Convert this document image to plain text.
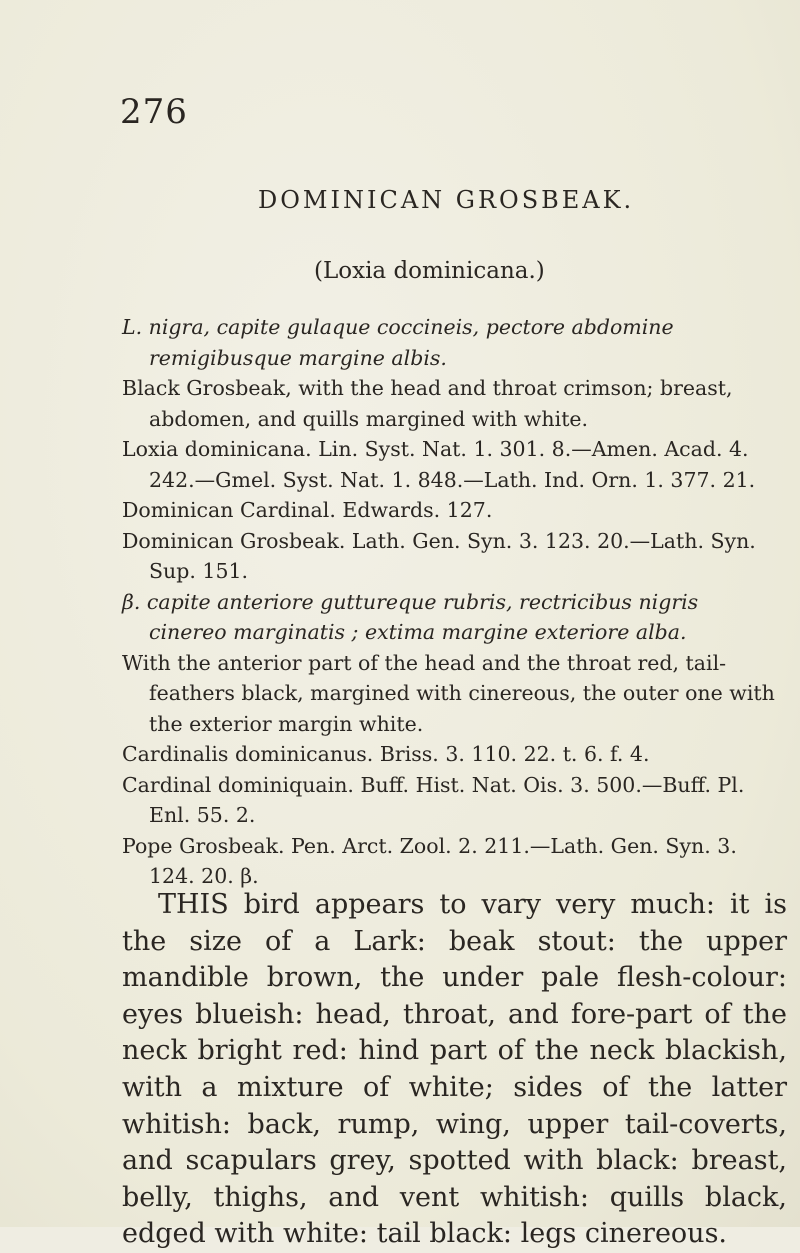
276
DOMINICAN GROSBEAK.
(Loxia dominicana.)

L. nigra, capite gulaque coccineis, pectore abdomine remigibusque margine albis.

Black Grosbeak, with the head and throat crimson; breast, abdomen, and quills margined with white.

Loxia dominicana. Lin. Syst. Nat. 1. 301. 8.—Amen. Acad. 4. 242.—Gmel. Syst. Nat. 1. 848.—Lath. Ind. Orn. 1. 377. 21.

Dominican Cardinal. Edwards. 127.

Dominican Grosbeak. Lath. Gen. Syn. 3. 123. 20.—Lath. Syn. Sup. 151.

β. capite anteriore guttureque rubris, rectricibus nigris cinereo marginatis ; extima margine exteriore alba.

With the anterior part of the head and the throat red, tail-feathers black, margined with cinereous, the outer one with the exterior margin white.

Cardinalis dominicanus. Briss. 3. 110. 22. t. 6. f. 4.

Cardinal dominiquain. Buff. Hist. Nat. Ois. 3. 500.—Buff. Pl. Enl. 55. 2.

Pope Grosbeak. Pen. Arct. Zool. 2. 211.—Lath. Gen. Syn. 3. 124. 20. β.

THIS bird appears to vary very much: it is the size of a Lark: beak stout: the upper mandible brown, the under pale flesh-colour: eyes blueish: head, throat, and fore-part of the neck bright red: hind part of the neck blackish, with a mixture of white; sides of the latter whitish: back, rump, wing, upper tail-coverts, and scapulars grey, spotted with black: breast, belly, thighs, and vent whitish: quills black, edged with white: tail black: legs cinereous.
